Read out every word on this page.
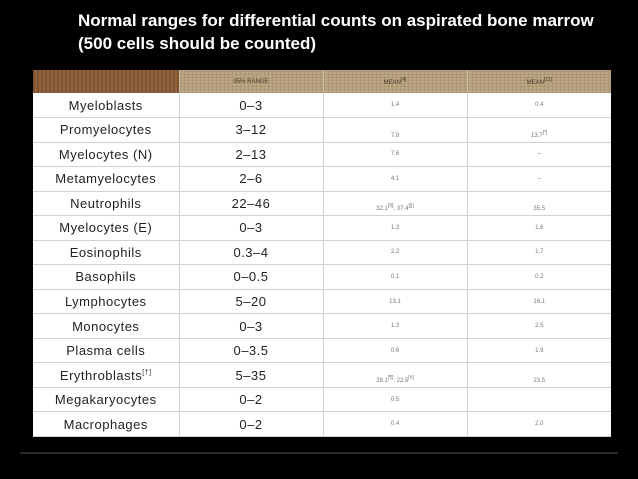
Normal ranges for differential counts on aspirated bone marrow (500 cells should be counted)
	95% RANGE	MEAN[4]	MEAN[11]
Myeloblasts	0–3	1.4	0.4
Promyelocytes	3–12	7.8	13.7[*]
Myelocytes (N)	2–13	7.6	–
Metamyelocytes	2–6	4.1	–
Neutrophils	22–46	32.1[§]; 37.4[||]	35.5
Myelocytes (E)	0–3	1.3	1.6
Eosinophils	0.3–4	2.2	1.7
Basophils	0–0.5	0.1	0.2
Lymphocytes	5–20	13.1	16.1
Monocytes	0–3	1.3	2.5
Plasma cells	0–3.5	0.6	1.9
Erythroblasts[†]	5–35	28.1[¶]; 22.5[#]	23.5
Megakaryocytes	0–2	0.5	
Macrophages	0–2	0.4	2.0
